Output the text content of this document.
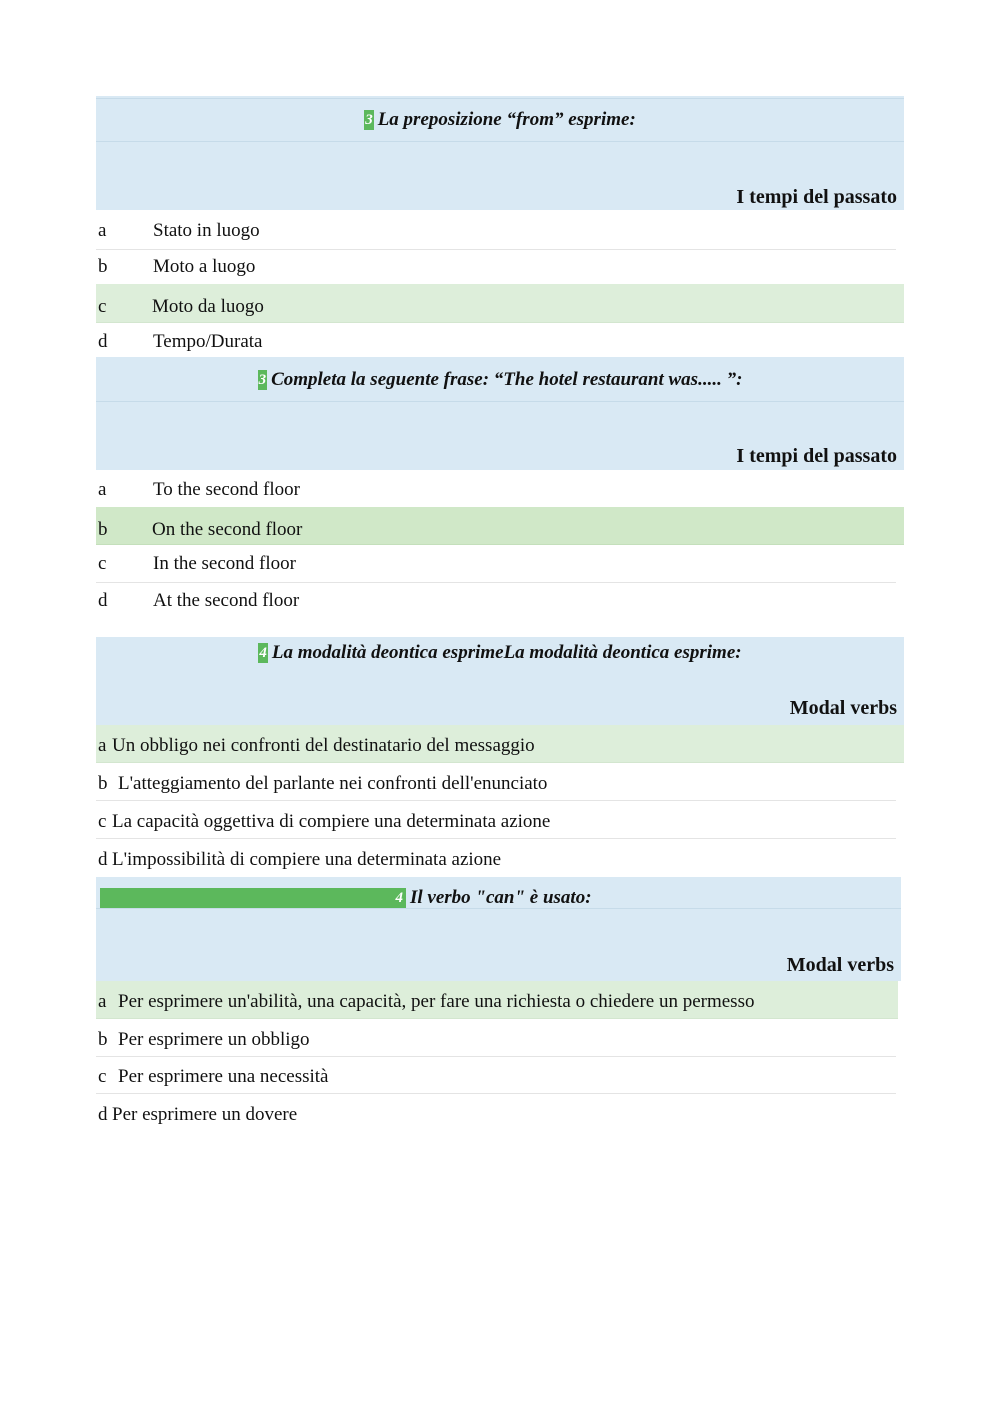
3 La preposizione “from” esprime:
I tempi del passato
a Stato in luogo
b Moto a luogo
c Moto da luogo
d Tempo/Durata
3 Completa la seguente frase: “The hotel restaurant was..... ”:
I tempi del passato
a To the second floor
b On the second floor
c In the second floor
d At the second floor
4 La modalità deontica esprimeLa modalità deontica esprime:
Modal verbs
a Un obbligo nei confronti del destinatario del messaggio
b L'atteggiamento del parlante nei confronti dell'enunciato
c La capacità oggettiva di compiere una determinata azione
d L'impossibilità di compiere una determinata azione
4 Il verbo "can" è usato:
Modal verbs
a Per esprimere un'abilità, una capacità, per fare una richiesta o chiedere un permesso
b Per esprimere un obbligo
c Per esprimere una necessità
d Per esprimere un dovere
